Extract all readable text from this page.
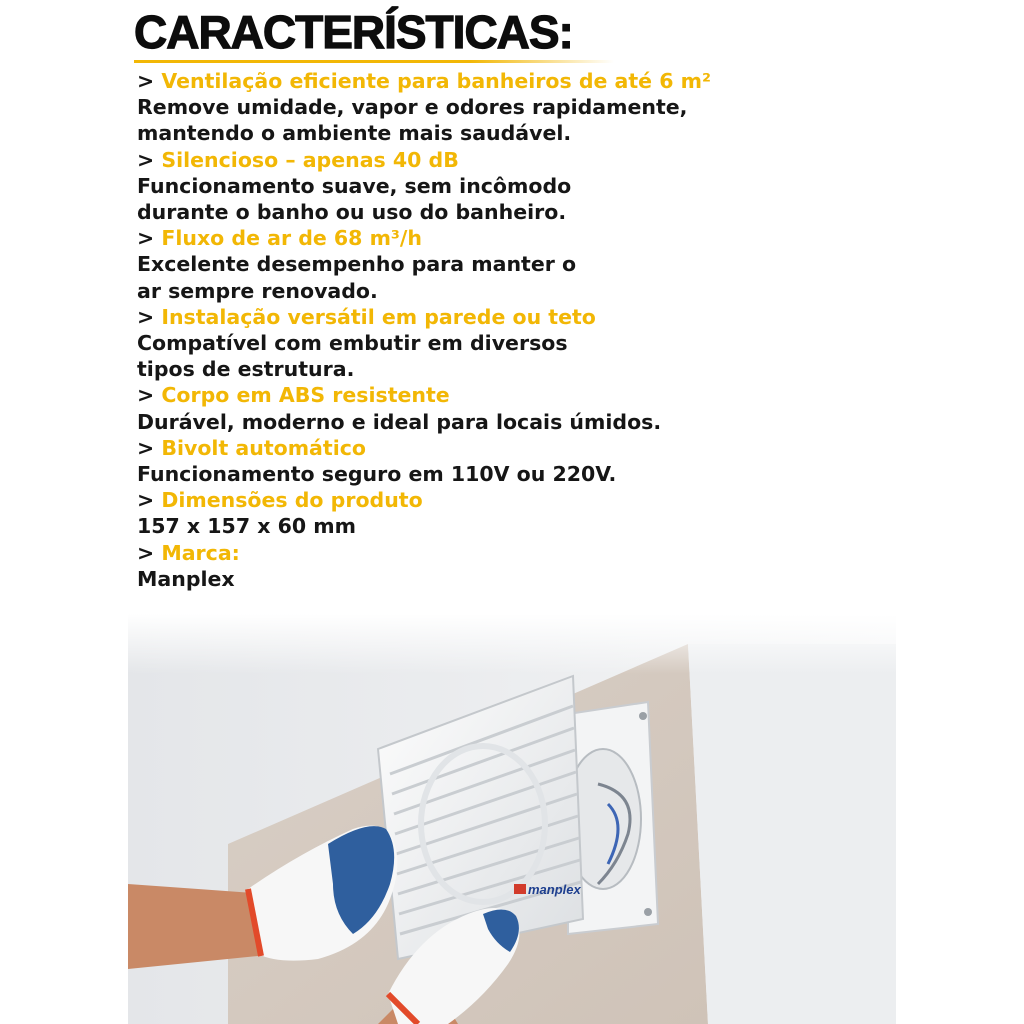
CARACTERÍSTICAS:
> Ventilação eficiente para banheiros de até 6 m²
Remove umidade, vapor e odores rapidamente,
mantendo o ambiente mais saudável.
> Silencioso – apenas 40 dB
Funcionamento suave, sem incômodo
durante o banho ou uso do banheiro.
> Fluxo de ar de 68 m³/h
Excelente desempenho para manter o
ar sempre renovado.
> Instalação versátil em parede ou teto
Compatível com embutir em diversos
tipos de estrutura.
> Corpo em ABS resistente
Durável, moderno e ideal para locais úmidos.
> Bivolt automático
Funcionamento seguro em 110V ou 220V.
> Dimensões do produto
157 x 157 x 60 mm
> Marca:
Manplex
manplex
